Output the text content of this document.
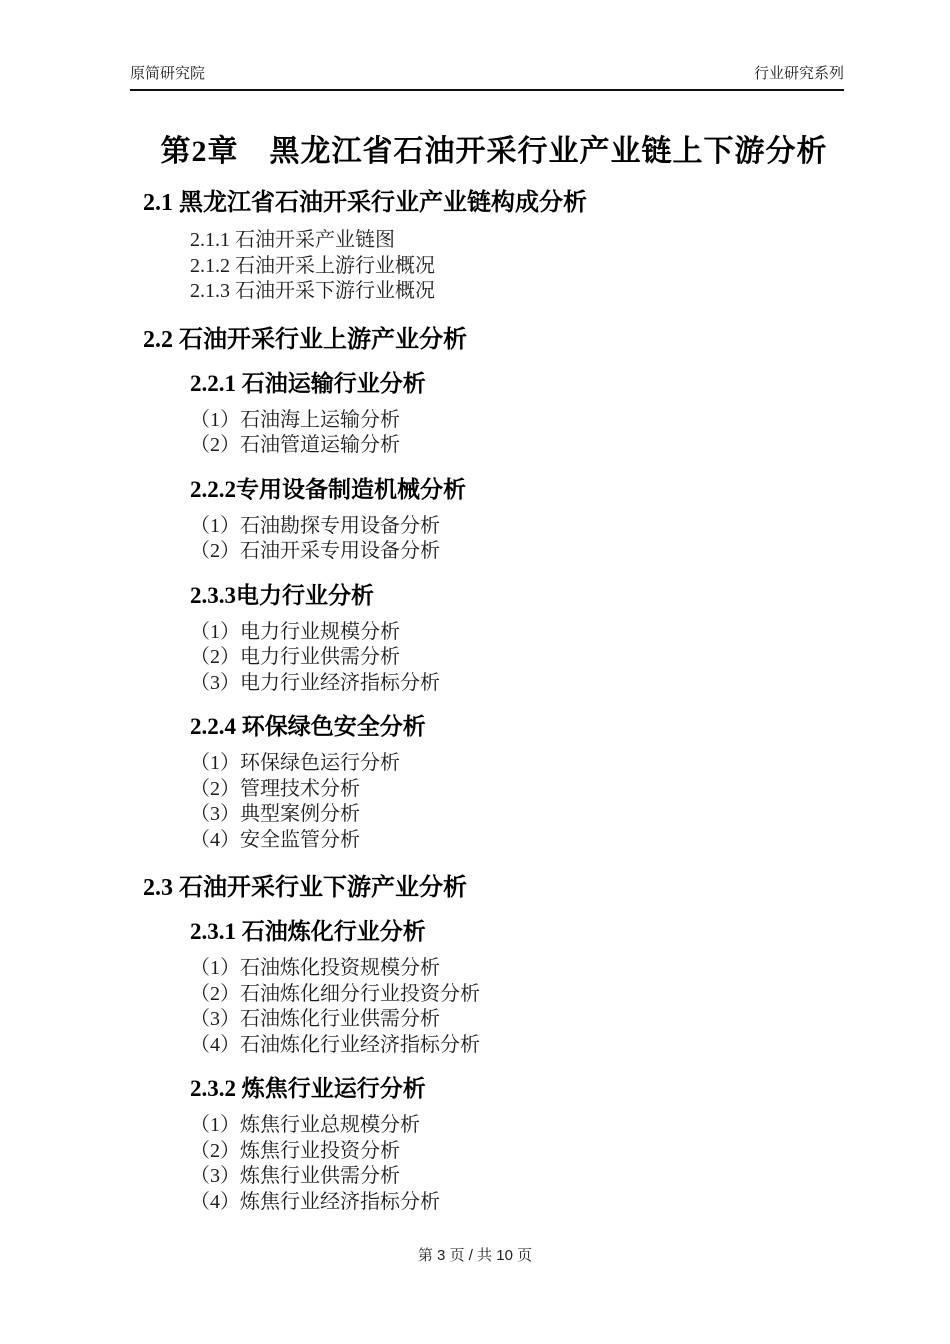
原简研究院	行业研究系列
第2章　黑龙江省石油开采行业产业链上下游分析
2.1 黑龙江省石油开采行业产业链构成分析
2.1.1 石油开采产业链图
2.1.2 石油开采上游行业概况
2.1.3 石油开采下游行业概况
2.2 石油开采行业上游产业分析
2.2.1 石油运输行业分析
（1）石油海上运输分析
（2）石油管道运输分析
2.2.2专用设备制造机械分析
（1）石油勘探专用设备分析
（2）石油开采专用设备分析
2.3.3电力行业分析
（1）电力行业规模分析
（2）电力行业供需分析
（3）电力行业经济指标分析
2.2.4 环保绿色安全分析
（1）环保绿色运行分析
（2）管理技术分析
（3）典型案例分析
（4）安全监管分析
2.3 石油开采行业下游产业分析
2.3.1 石油炼化行业分析
（1）石油炼化投资规模分析
（2）石油炼化细分行业投资分析
（3）石油炼化行业供需分析
（4）石油炼化行业经济指标分析
2.3.2 炼焦行业运行分析
（1）炼焦行业总规模分析
（2）炼焦行业投资分析
（3）炼焦行业供需分析
（4）炼焦行业经济指标分析
第 3 页 / 共 10 页
